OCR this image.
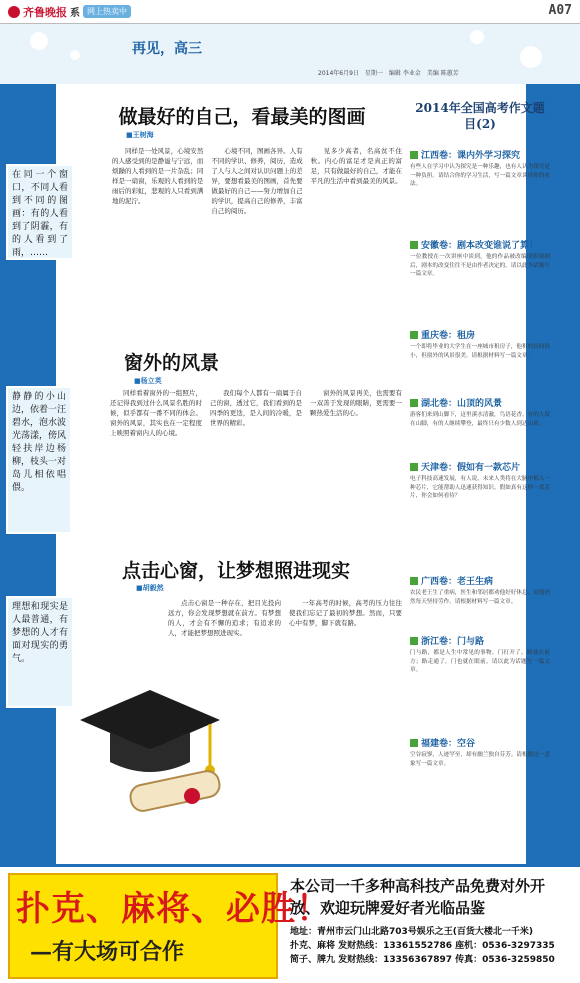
齐鲁晚报 系 网上热卖中	A07
再见，高三
2014年6月9日 星期一 编辑 李业金 美编 陈蕙芳
在同一个窗口，不同人看到不同的图画：有的人看到了阴霾，有的人看到了雨，……
静静的小山边，依着一汪碧水，泡水波光荡漾，傍风轻扶岸边杨柳，枝头一对岛儿相依唱偎。
理想和现实是人最普通，有梦想的人才有面对现实的勇气。
做最好的自己，看最美的图画
■王树海

同样是一处风景，心境安然的人感受到的是静谧与宁远，而烦躁的人看到的是一片杂乱；同样是一扇窗，乐观的人看到的是雨后的彩虹，悲观的人只看到满地的泥泞。

心境不同，图画各异。人有不同的学识、修养，阅历，造成了人与人之间对认识问题上的差异，要想看最美的图画，首先要做最好的自己——努力增加自己的学识，提高自己的修养，丰富自己的阅历。

见多少高者，名高贫不住秋。内心的富足才是真正的富足，只有做最好的自己，才能在平凡的生活中看到最美的风景。

窗外的风景
■杨立英

同样看着窗外的一组照片，还记得我到过什么风景名胜的时候，似乎都有一番不同的体会。窗外的风景，其实也在一定程度上映照着窗内人的心境。

我们每个人都有一扇属于自己的窗，透过它，我们看到的是四季的更迭，是人间的冷暖，是世界的精彩。

窗外的风景再美，也需要有一双善于发现的眼睛，更需要一颗热爱生活的心。

点击心窗，让梦想照进现实
■胡毅然

点击心窗是一种存在，把目光投向远方，你会发现梦想就在前方。有梦想的人，才会有不懈的追求；有追求的人，才能把梦想照进现实。

一年高考的时候，高考的压力往往使我们忘记了最初的梦想。然而，只要心中有梦，脚下就有路。

2014年全国高考作文题目(2)
江西卷：课内外学习探究
有些人在学习中认为探究是一种乐趣，也有人认为探究是一种负担。请结合你的学习生活，写一篇文章谈谈你的看法。
安徽卷：剧本改变谁说了算！
一位教授在一次讲座中谈到，他的作品被改编成影视剧后，剧本的改变往往不是由作者决定的。请以此为话题写一篇文章。
重庆卷：租房
一个即将毕业的大学生在一座城市租房子，他租的房间很小，但窗外的风景很美。请根据材料写一篇文章。
湖北卷：山顶的风景
游客们来到山脚下，这里溪水清澈，鸟语花香。有的人留在山脚，有的人继续攀登，最终只有少数人到达山顶。
天津卷：假如有一款芯片
电子科技高速发展，有人说，未来人类将在大脑中植入一种芯片，它能帮助人迅速获得知识。假如真有这样一款芯片，你会如何看待？
广西卷：老王生病
农民老王生了重病，医生和邻居都劝他好好休息，而他仍然每天坚持劳作。请根据材料写一篇文章。
浙江卷：门与路
门与路，都是人生中常见的事物。门打开了，路就在前方；路走通了，门也就在眼前。请以此为话题写一篇文章。
福建卷：空谷
空谷寂寥，人迹罕至，却有幽兰独自芬芳。请根据这一意象写一篇文章。
扑克、麻将、必胜！
—有大场可合作
本公司一千多种高科技产品免费对外开放、欢迎玩牌爱好者光临品鉴
地址：青州市云门山北路703号娱乐之王(百货大楼北一千米)
扑克、麻将 发财热线：13361552786 座机：0536-3297335
简子、牌九 发财热线：13356367897 传真：0536-3259850
